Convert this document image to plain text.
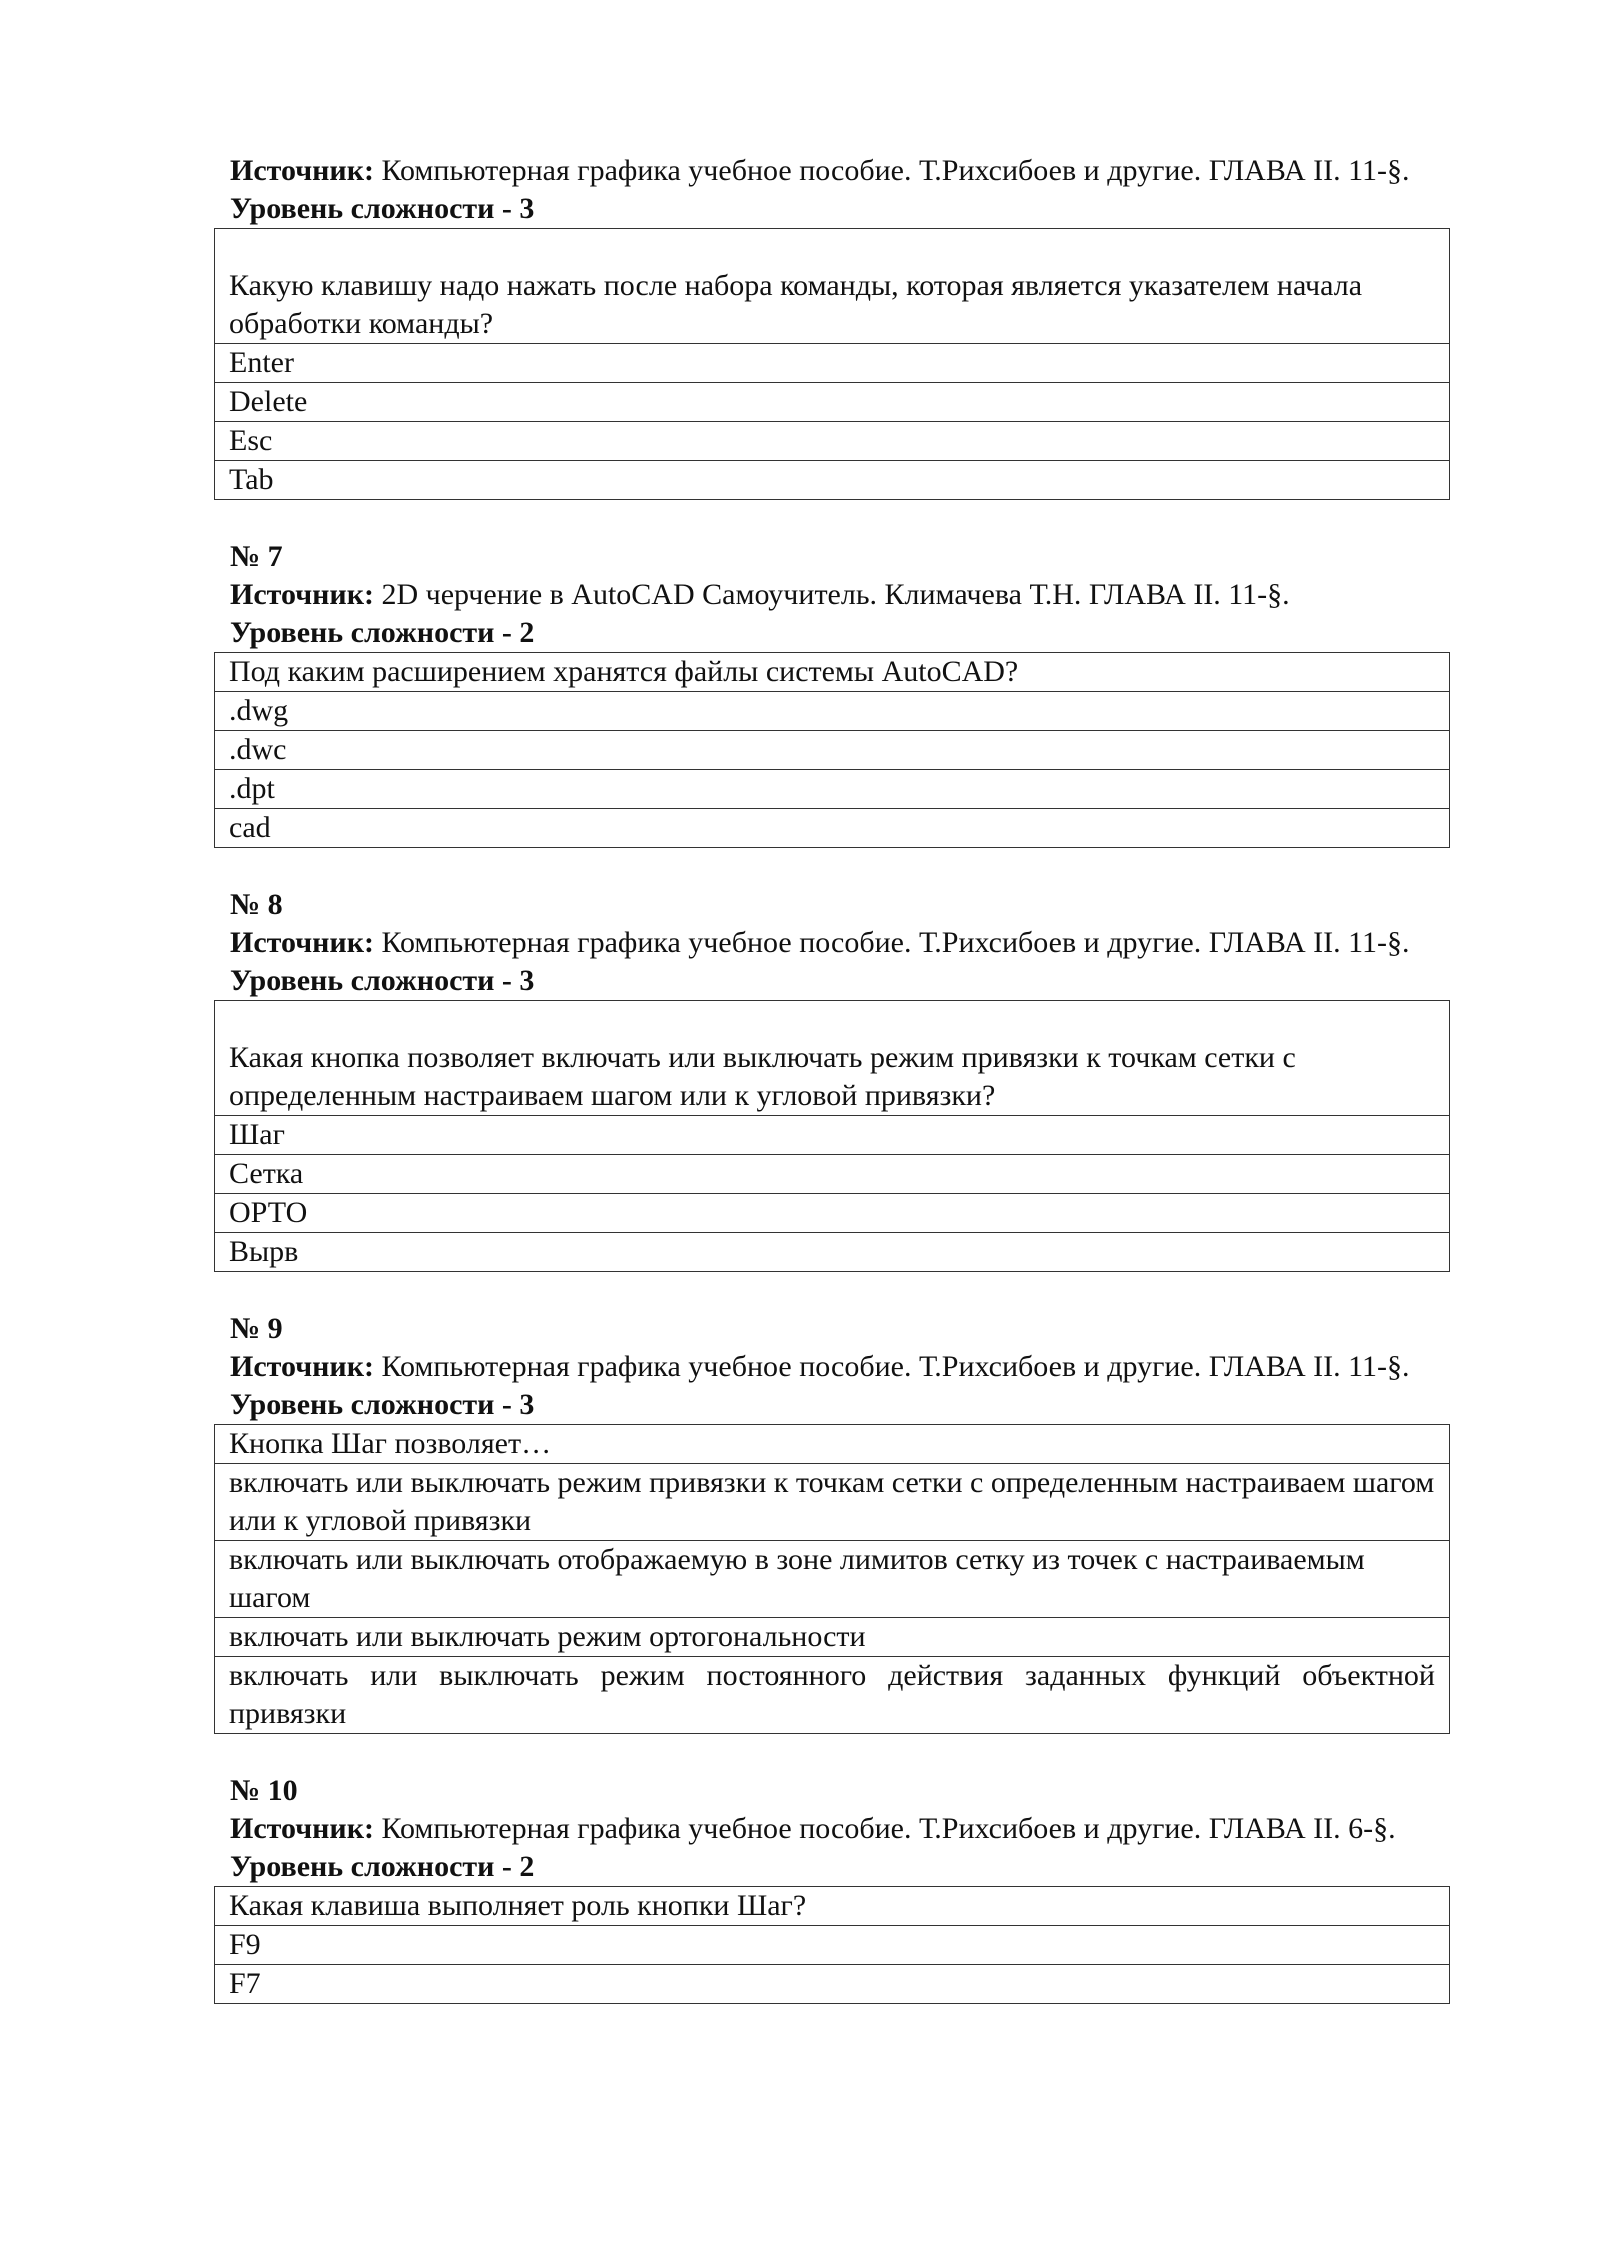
Источник: Компьютерная графика учебное пособие. Т.Рихсибоев и другие. ГЛАВА II. 11-§.

Уровень сложности - 3

Какую клавишу надо нажать после набора команды, которая является указателем начала обработки команды?
Enter
Delete
Esc
Tab

№ 7

Источник: 2D черчение в AutoCAD Самоучитель. Климачева Т.Н. ГЛАВА II. 11-§.

Уровень сложности - 2

Под каким расширением хранятся файлы системы AutoCAD?
.dwg
.dwc
.dpt
cad

№ 8

Источник: Компьютерная графика учебное пособие. Т.Рихсибоев и другие. ГЛАВА II. 11-§.

Уровень сложности - 3

Какая кнопка позволяет включать или выключать режим привязки к точкам сетки с определенным настраиваем шагом или к угловой привязки?
Шаг
Сетка
ОРТО
Вырв

№ 9

Источник: Компьютерная графика учебное пособие. Т.Рихсибоев и другие. ГЛАВА II. 11-§.

Уровень сложности - 3

Кнопка Шаг позволяет…
включать или выключать режим привязки к точкам сетки с определенным настраиваем шагом или к угловой привязки
включать или выключать отображаемую в зоне лимитов сетку из точек с настраиваемым шагом
включать или выключать режим ортогональности
включать или выключать режим постоянного действия заданных функций объектной привязки

№ 10

Источник: Компьютерная графика учебное пособие. Т.Рихсибоев и другие. ГЛАВА II. 6-§.

Уровень сложности - 2

Какая клавиша выполняет роль кнопки Шаг?
F9
F7
